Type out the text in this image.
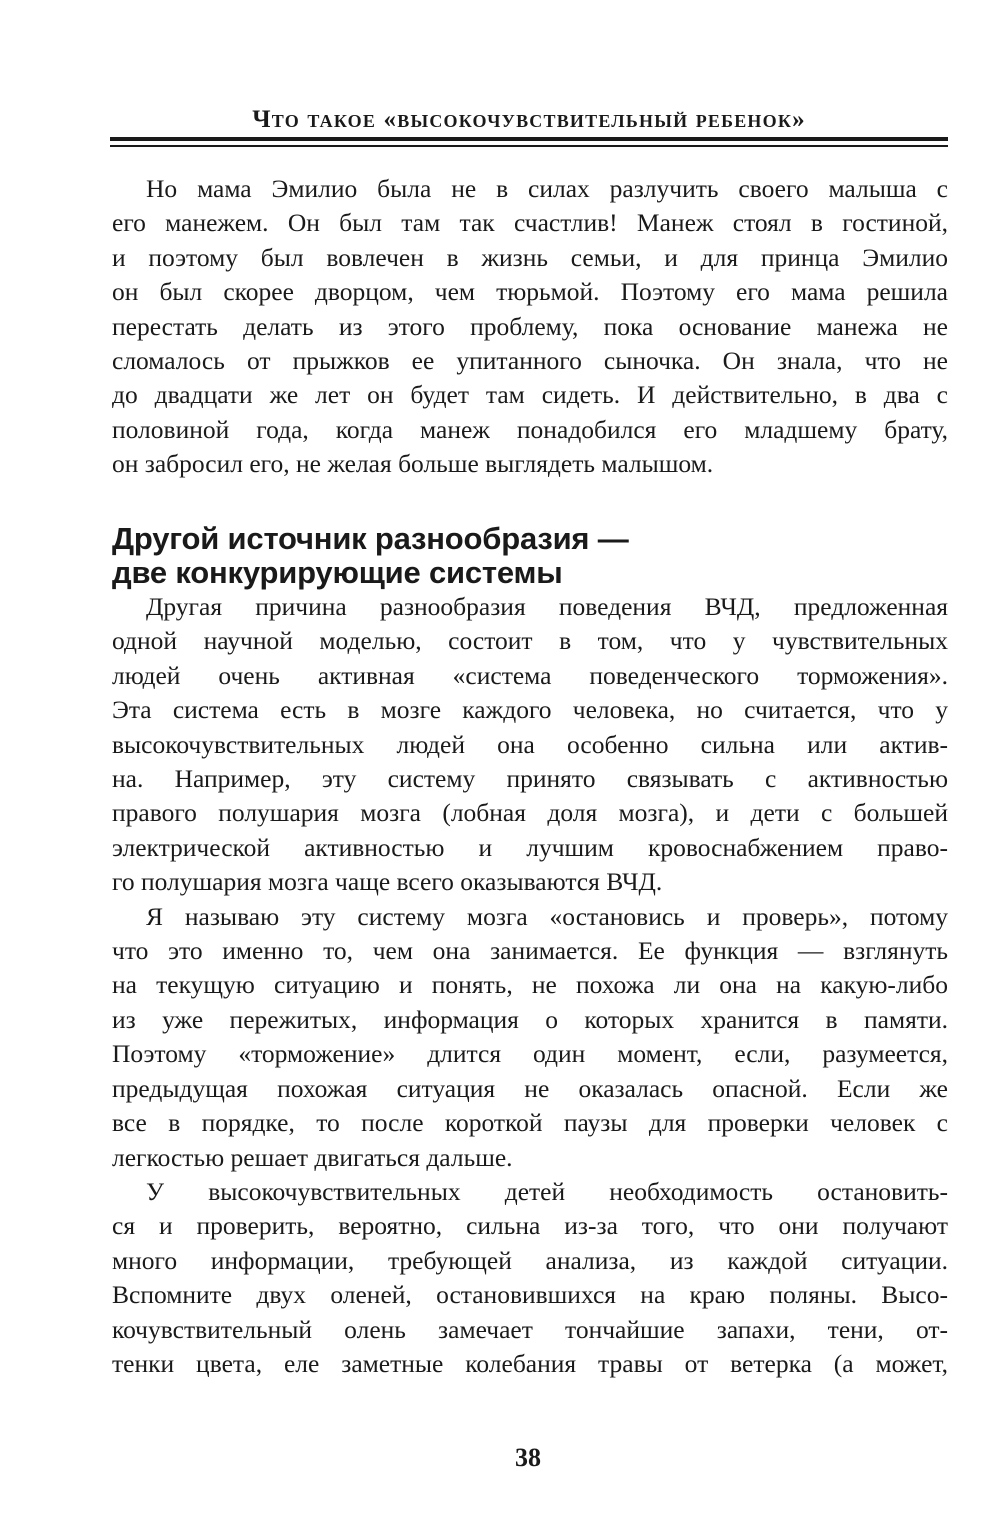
Что такое «высокочувствительный ребенок»
Но мама Эмилио была не в силах разлучить своего малыша с
его манежем. Он был там так счастлив! Манеж стоял в гостиной,
и поэтому был вовлечен в жизнь семьи, и для принца Эмилио
он был скорее дворцом, чем тюрьмой. Поэтому его мама решила
перестать делать из этого проблему, пока основание манежа не
сломалось от прыжков ее упитанного сыночка. Он знала, что не
до двадцати же лет он будет там сидеть. И действительно, в два с
половиной года, когда манеж понадобился его младшему брату,
он забросил его, не желая больше выглядеть малышом.
Другой источник разнообразия —
две конкурирующие системы
Другая причина разнообразия поведения ВЧД, предложенная
одной научной моделью, состоит в том, что у чувствительных
людей очень активная «система поведенческого торможения».
Эта система есть в мозге каждого человека, но считается, что у
высокочувствительных людей она особенно сильна или актив-
на. Например, эту систему принято связывать с активностью
правого полушария мозга (лобная доля мозга), и дети с большей
электрической активностью и лучшим кровоснабжением право-
го полушария мозга чаще всего оказываются ВЧД.
Я называю эту систему мозга «остановись и проверь», потому
что это именно то, чем она занимается. Ее функция — взглянуть
на текущую ситуацию и понять, не похожа ли она на какую-либо
из уже пережитых, информация о которых хранится в памяти.
Поэтому «торможение» длится один момент, если, разумеется,
предыдущая похожая ситуация не оказалась опасной. Если же
все в порядке, то после короткой паузы для проверки человек с
легкостью решает двигаться дальше.
У высокочувствительных детей необходимость остановить-
ся и проверить, вероятно, сильна из-за того, что они получают
много информации, требующей анализа, из каждой ситуации.
Вспомните двух оленей, остановившихся на краю поляны. Высо-
кочувствительный олень замечает тончайшие запахи, тени, от-
тенки цвета, еле заметные колебания травы от ветерка (а может,
38
